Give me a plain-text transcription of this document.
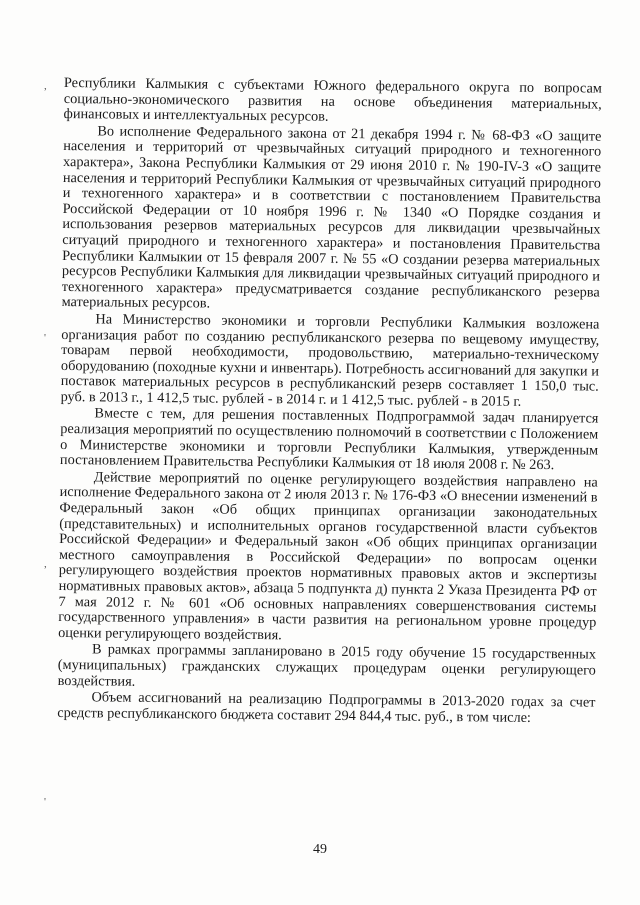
,
'
,
'

Республики Калмыкия с субъектами Южного федерального округа по вопросам социально-экономического развития на основе объединения материальных, финансовых и интеллектуальных ресурсов.

Во исполнение Федерального закона от 21 декабря 1994 г. № 68-ФЗ «О защите населения и территорий от чрезвычайных ситуаций природного и техногенного характера», Закона Республики Калмыкия от 29 июня 2010 г. № 190-IV-З «О защите населения и территорий Республики Калмыкия от чрезвычайных ситуаций природного и техногенного характера» и в соответствии с постановлением Правительства Российской Федерации от 10 ноября 1996 г. № 1340 «О Порядке создания и использования резервов материальных ресурсов для ликвидации чрезвычайных ситуаций природного и техногенного характера» и постановления Правительства Республики Калмыкии от 15 февраля 2007 г. № 55 «О создании резерва материальных ресурсов Республики Калмыкия для ликвидации чрезвычайных ситуаций природного и техногенного характера» предусматривается создание республиканского резерва материальных ресурсов.

На Министерство экономики и торговли Республики Калмыкия возложена организация работ по созданию республиканского резерва по вещевому имуществу, товарам первой необходимости, продовольствию, материально-техническому оборудованию (походные кухни и инвентарь). Потребность ассигнований для закупки и поставок материальных ресурсов в республиканский резерв составляет 1 150,0 тыс. руб. в 2013 г., 1 412,5 тыс. рублей - в 2014 г. и 1 412,5 тыс. рублей - в 2015 г.

Вместе с тем, для решения поставленных Подпрограммой задач планируется реализация мероприятий по осуществлению полномочий в соответствии с Положением о Министерстве экономики и торговли Республики Калмыкия, утвержденным постановлением Правительства Республики Калмыкия от 18 июля 2008 г. № 263.

Действие мероприятий по оценке регулирующего воздействия направлено на исполнение Федерального закона от 2 июля 2013 г. № 176-ФЗ «О внесении изменений в Федеральный закон «Об общих принципах организации законодательных (представительных) и исполнительных органов государственной власти субъектов Российской Федерации» и Федеральный закон «Об общих принципах организации местного самоуправления в Российской Федерации» по вопросам оценки регулирующего воздействия проектов нормативных правовых актов и экспертизы нормативных правовых актов», абзаца 5 подпункта д) пункта 2 Указа Президента РФ от 7 мая 2012 г. № 601 «Об основных направлениях совершенствования системы государственного управления» в части развития на региональном уровне процедур оценки регулирующего воздействия.

В рамках программы запланировано в 2015 году обучение 15 государственных (муниципальных) гражданских служащих процедурам оценки регулирующего воздействия.

Объем ассигнований на реализацию Подпрограммы в 2013-2020 годах за счет средств республиканского бюджета составит 294 844,4 тыс. руб., в том числе:

49
